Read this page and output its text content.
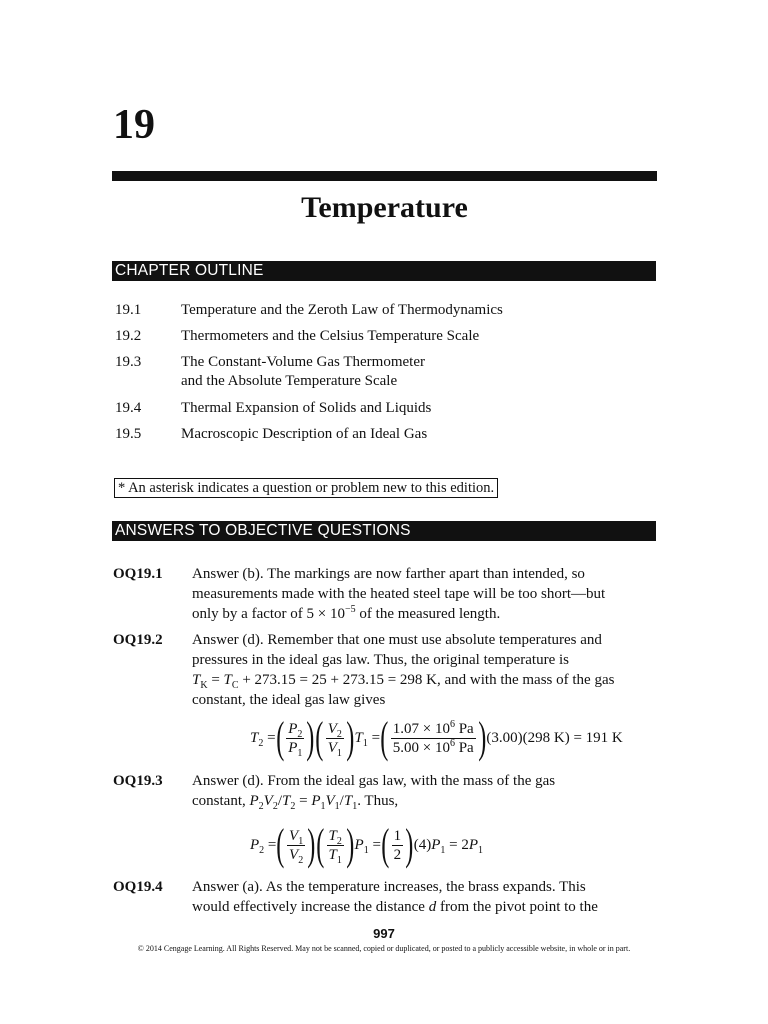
19
Temperature
CHAPTER OUTLINE
19.1	Temperature and the Zeroth Law of Thermodynamics
19.2	Thermometers and the Celsius Temperature Scale
19.3	The Constant-Volume Gas Thermometer
and the Absolute Temperature Scale
19.4	Thermal Expansion of Solids and Liquids
19.5	Macroscopic Description of an Ideal Gas
* An asterisk indicates a question or problem new to this edition.
ANSWERS TO OBJECTIVE QUESTIONS
OQ19.1 Answer (b). The markings are now farther apart than intended, so
measurements made with the heated steel tape will be too short—but
only by a factor of $5 \times 10^{-5}$ of the measured length.
OQ19.2 Answer (d). Remember that one must use absolute temperatures and
pressures in the ideal gas law. Thus, the original temperature is
$T_K = T_C + 273.15 = 25 + 273.15 = 298$ K, and with the mass of the gas
constant, the ideal gas law gives
$T_2$ = ( $\frac{P_2}{P_1}$ ) ( $\frac{V_2}{V_1}$ ) $T_1$ = ( $\frac{1.07 \times 10^6 Pa}{5.00 \times 10^6 Pa}$ ) (3.00)(298 K) = 191 K
OQ19.3 Answer (d). From the ideal gas law, with the mass of the gas
constant, $P_2V_2/T_2 = P_1V_1/T_1$. Thus,
$P_2$ = ( $\frac{V_1}{V_2}$ ) ( $\frac{T_2}{T_1}$ ) $P_1$ = ( $\frac{1}{2}$ ) $(4)P_1 = 2P_1$
OQ19.4 Answer (a). As the temperature increases, the brass expands. This
would effectively increase the distance d from the pivot point to the
997
© 2014 Cengage Learning. All Rights Reserved. May not be scanned, copied or duplicated, or posted to a publicly accessible website, in whole or in part.
